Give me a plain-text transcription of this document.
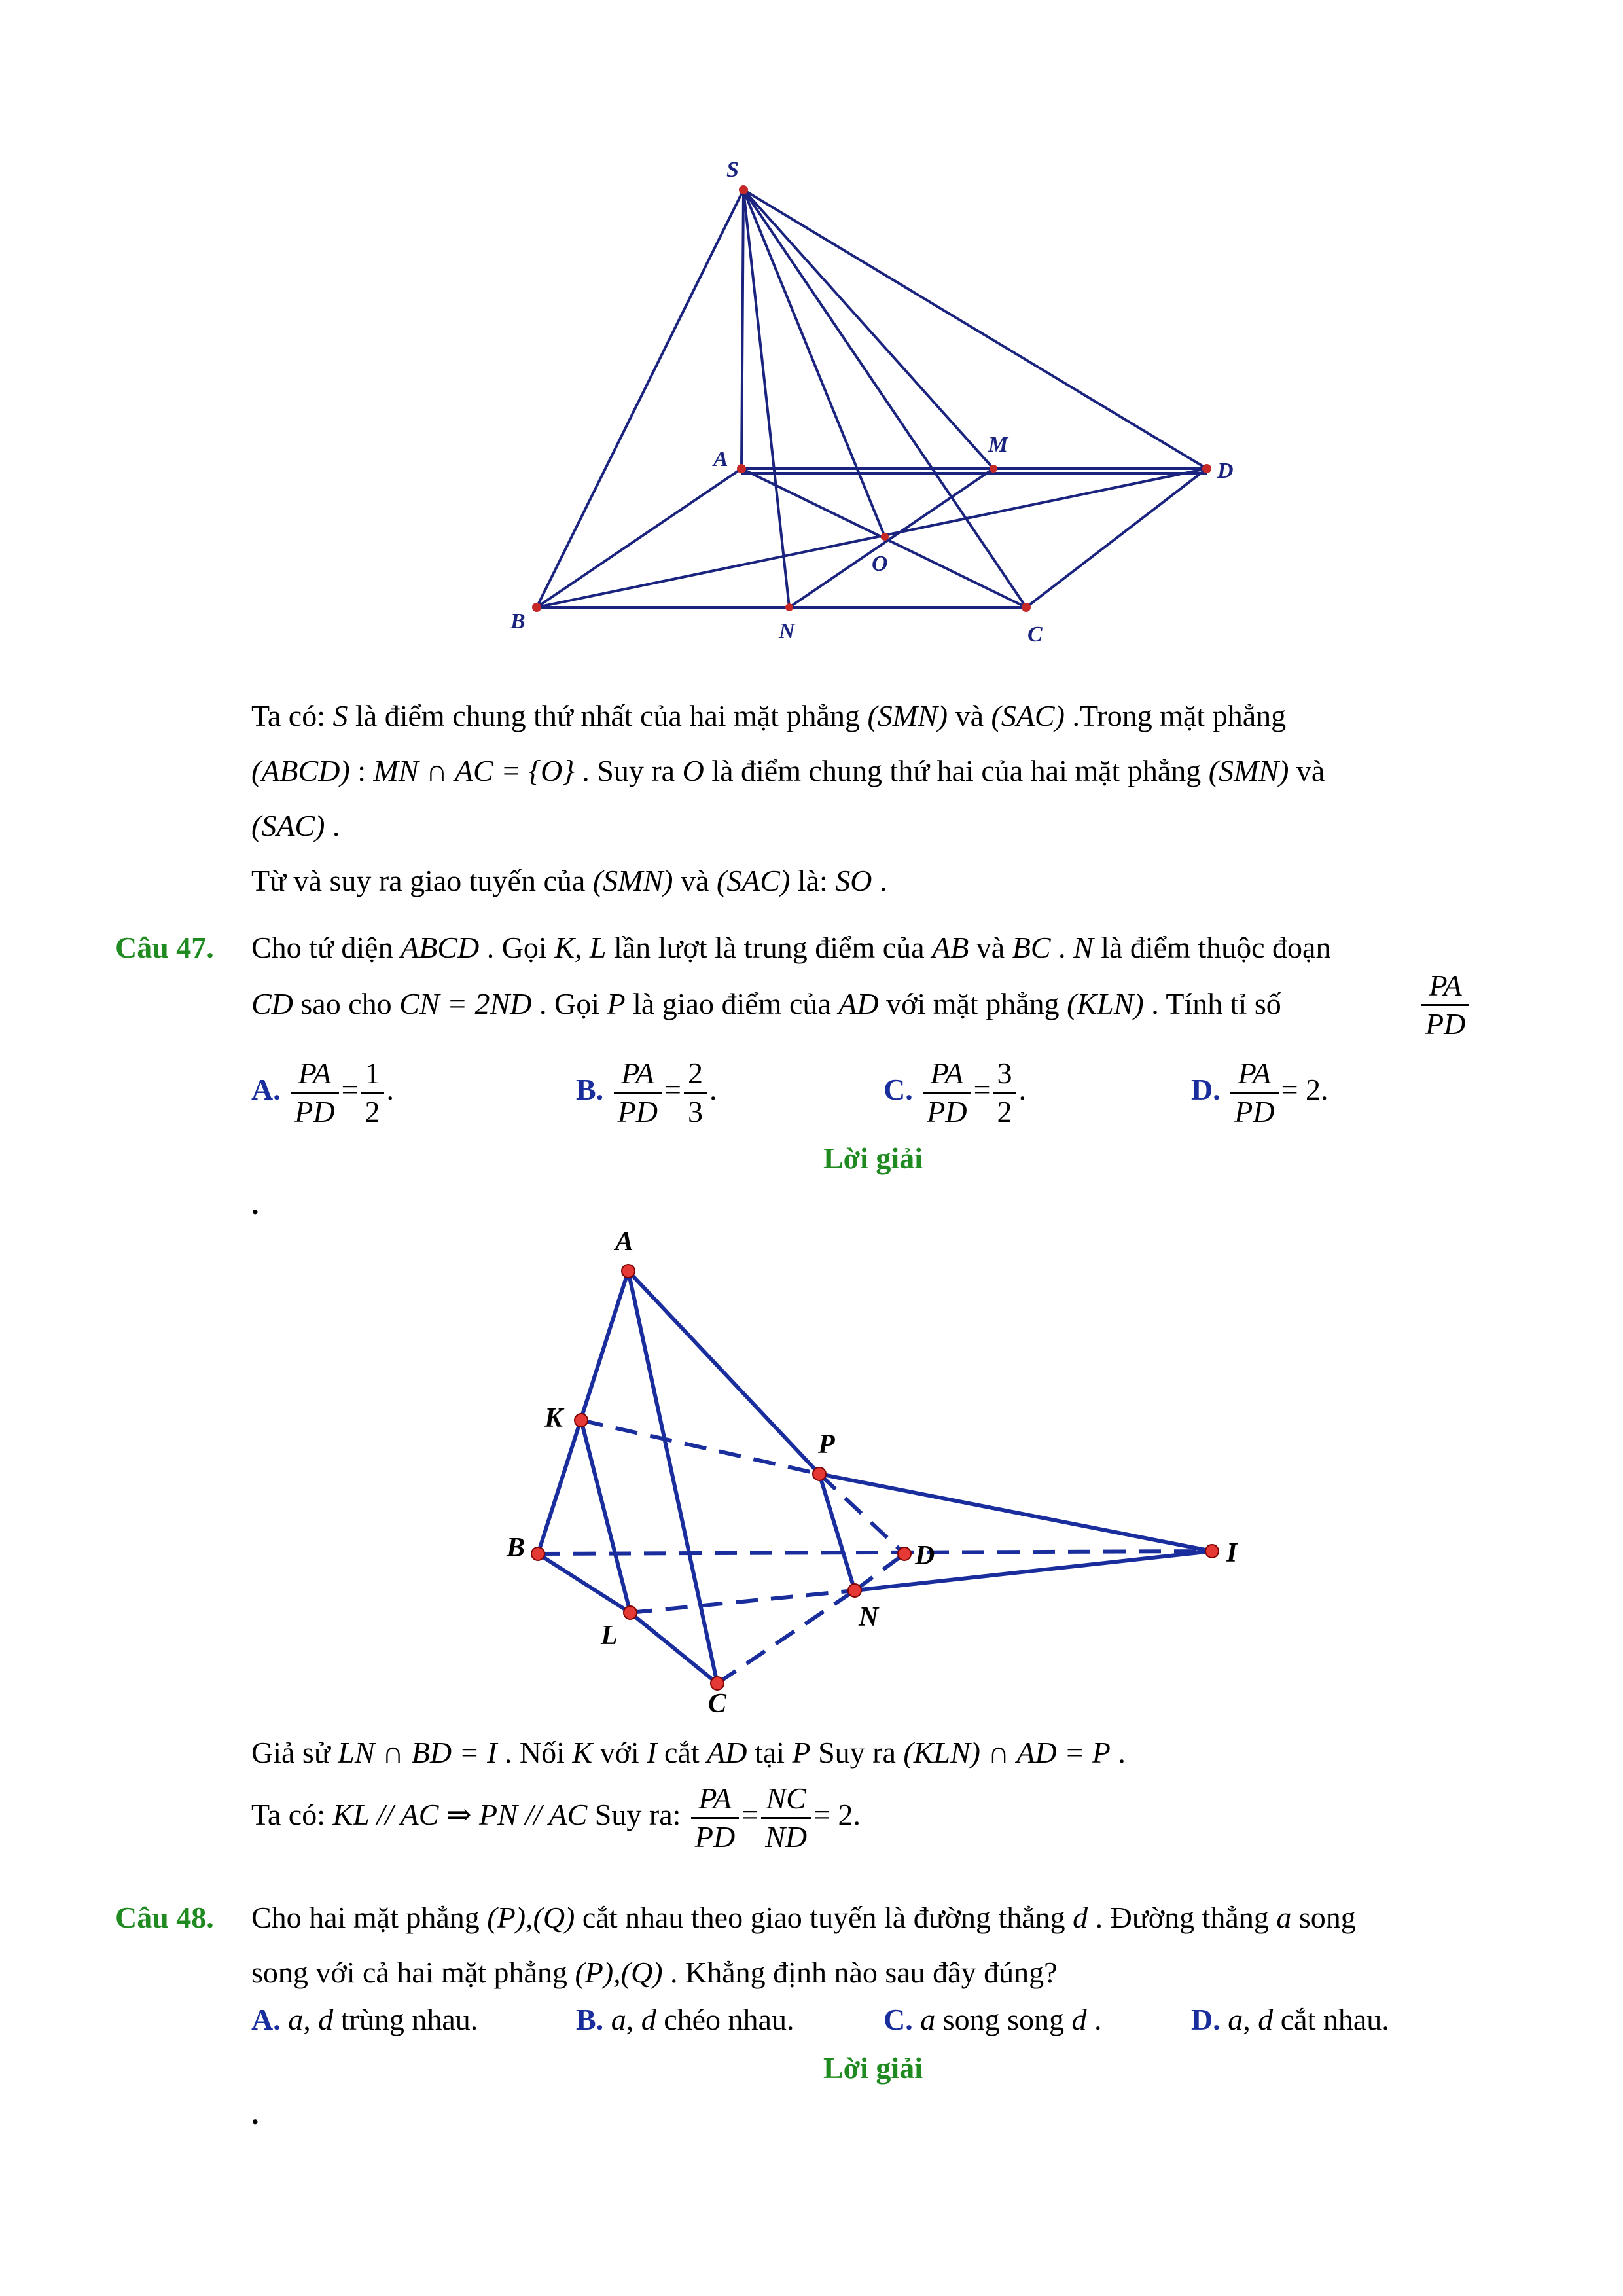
S
A
B
C
D
M
N
O
Ta có: S là điểm chung thứ nhất của hai mặt phẳng (SMN) và (SAC) .Trong mặt phẳng
(ABCD) : MN ∩ AC = {O} . Suy ra O là điểm chung thứ hai của hai mặt phẳng (SMN) và
(SAC) .
Từ và suy ra giao tuyến của (SMN) và (SAC) là: SO .
Câu 47. Cho tứ diện ABCD . Gọi K, L lần lượt là trung điểm của AB và BC . N là điểm thuộc đoạn
CD sao cho CN = 2ND . Gọi P là giao điểm của AD với mặt phẳng (KLN) . Tính tỉ số	$\frac{PA}{PD}$
A. $\frac{PA}{PD} = \frac{1}{2}$ .	B. $\frac{PA}{PD} = \frac{2}{3}$ .	C. $\frac{PA}{PD} = \frac{3}{2}$ .	D. $\frac{PA}{PD} = 2$.
Lời giải
.
A
K
P
B	D	I
N
L
C
Giả sử LN ∩ BD = I . Nối K với I cắt AD tại P Suy ra (KLN) ∩ AD = P .
Ta có: KL // AC ⇒ PN // AC Suy ra: $\frac{PA}{PD} = \frac{NC}{ND} = 2$.
Câu 48. Cho hai mặt phẳng (P),(Q) cắt nhau theo giao tuyến là đường thẳng d . Đường thẳng a song
song với cả hai mặt phẳng (P),(Q) . Khẳng định nào sau đây đúng?
A. a, d trùng nhau.	B. a, d chéo nhau.	C. a song song d .	D. a, d cắt nhau.
Lời giải
.
